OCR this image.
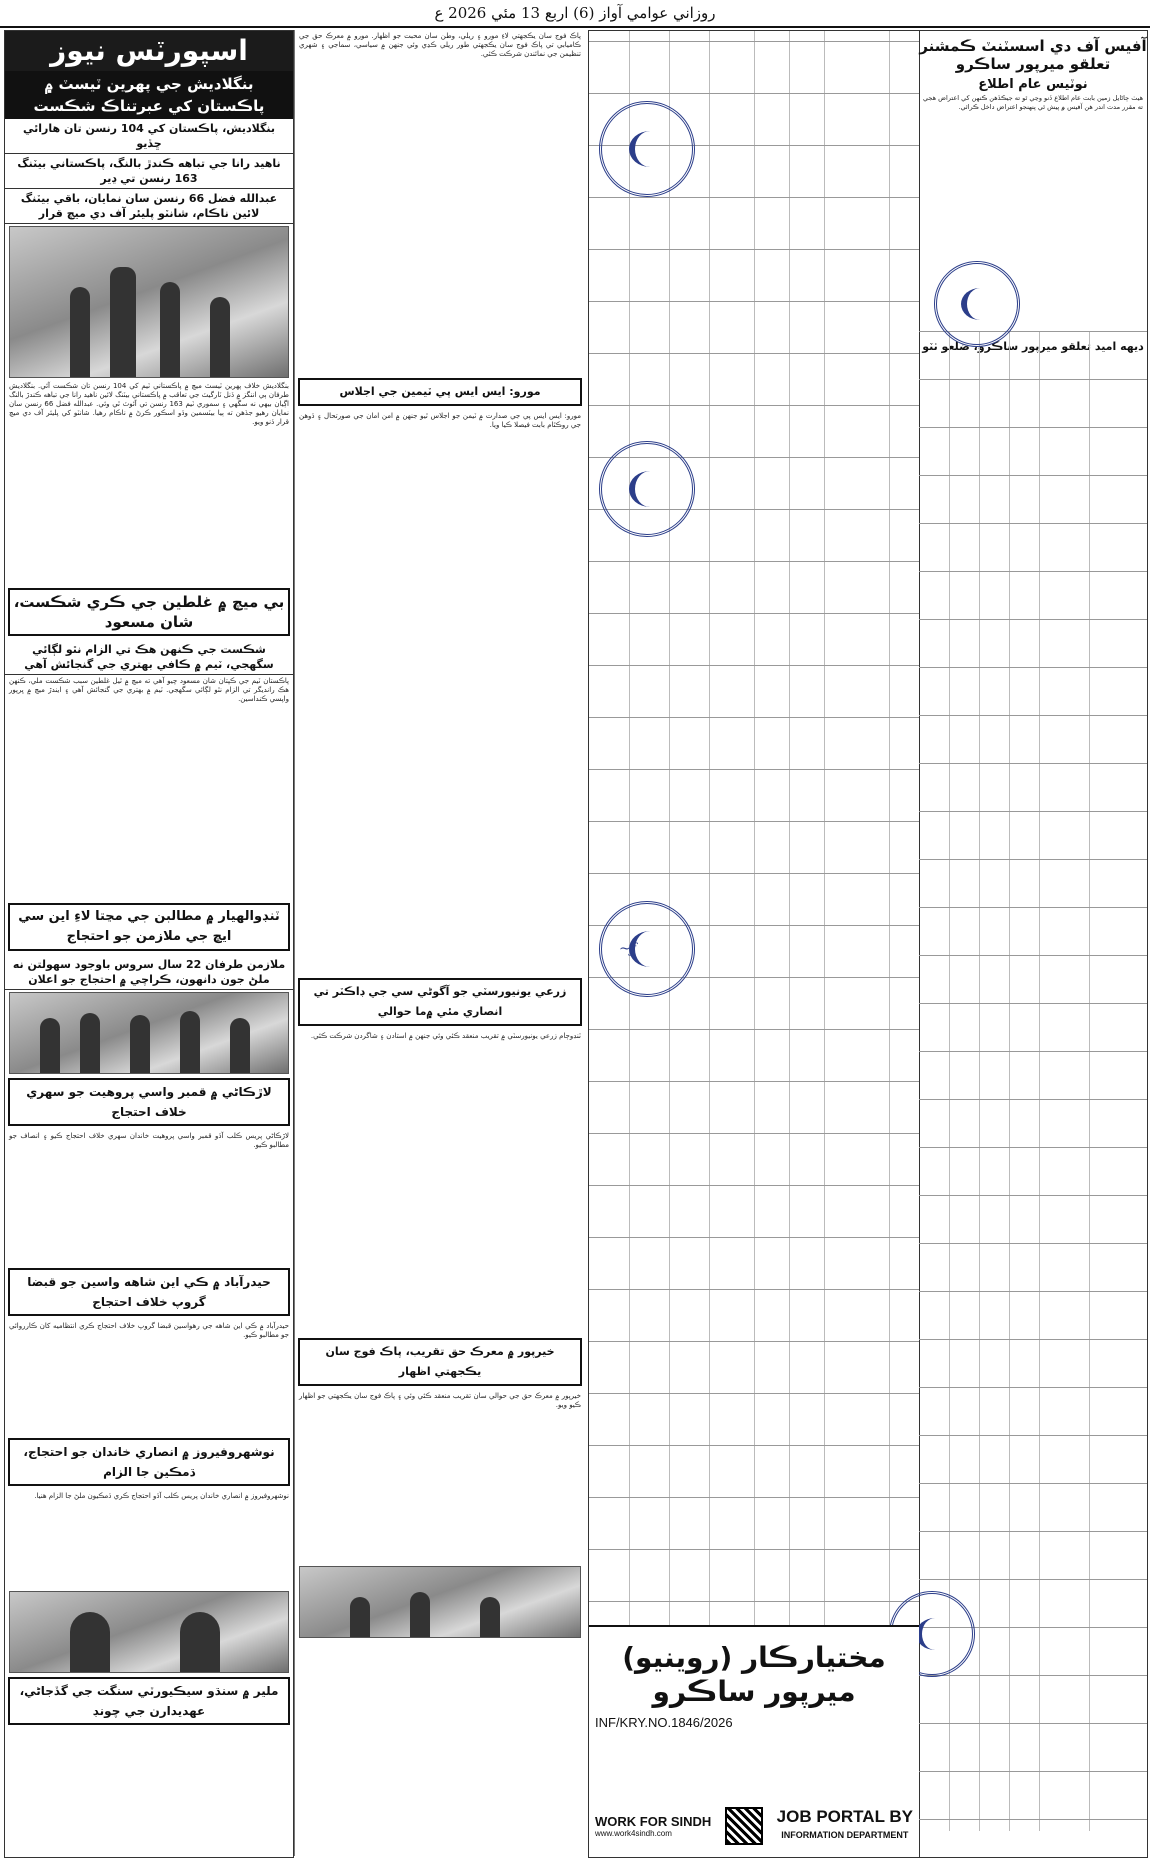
روزاني عوامي آواز (6) اربع 13 مئي 2026 ع
اسپورٽس نيوز
بنگلاديش جي پهرين ٽيسٽ ۾ پاڪستان کي عبرتناڪ شڪست
بنگلاديش، پاڪستان کي 104 رنسن تان هارائي ڇڏيو
ناهيد رانا جي تباهه ڪندڙ بالنگ، پاڪستاني بيٽنگ 163 رنسن تي ڍير
عبدالله فضل 66 رنسن سان نمايان، باقي بيٽنگ لائين ناڪام، شانٽو پليئر آف دي ميچ قرار
بنگلاديش خلاف پهرين ٽيسٽ ميچ ۾ پاڪستاني ٽيم کي 104 رنسن تان شڪست آئي. بنگلاديش طرفان ٻي اننگز ۾ ڏنل ٽارگيٽ جي تعاقب ۾ پاڪستاني بيٽنگ لائين ناهيد رانا جي تباهه ڪندڙ بالنگ اڳيان بيهي نه سگهي ۽ سموري ٽيم 163 رنسن تي آئوٽ ٿي وئي. عبدالله فضل 66 رنسن سان نمايان رهيو جڏهن ته ٻيا بيٽسمين وڏو اسڪور ڪرڻ ۾ ناڪام رهيا. شانٽو کي پليئر آف دي ميچ قرار ڏنو ويو.
بي ميچ ۾ غلطين جي ڪري شڪست، شان مسعود
شڪست جي ڪنهن هڪ تي الزام نٿو لڳائي سگهجي، ٽيم ۾ ڪافي بهتري جي گنجائش آهي
پاڪستان ٽيم جي ڪپتان شان مسعود چيو آهي ته ميچ ۾ ٿيل غلطين سبب شڪست ملي، ڪنهن هڪ رانديگر تي الزام نٿو لڳائي سگهجي. ٽيم ۾ بهتري جي گنجائش آهي ۽ ايندڙ ميچ ۾ ڀرپور واپسي ڪنداسين.
ٽنڊوالهيار ۾ مطالبن جي مڃتا لاءِ اين سي ايڇ جي ملازمن جو احتجاج
ملازمن طرفان 22 سال سروس باوجود سهولتن نه ملڻ جون دانهون، ڪراچي ۾ احتجاج جو اعلان
لاڙڪاڻي ۾ قمبر واسي پروهيت جو سهري خلاف احتجاج
لاڙڪاڻي پريس ڪلب آڏو قمبر واسي پروهيت خاندان سهري خلاف احتجاج ڪيو ۽ انصاف جو مطالبو ڪيو.
حيدرآباد ۾ ڪي اين شاهه واسين جو قبضا گروپ خلاف احتجاج
حيدرآباد ۾ ڪي اين شاهه جي رهواسين قبضا گروپ خلاف احتجاج ڪري انتظاميه کان ڪارروائي جو مطالبو ڪيو.
نوشهروفيروز ۾ انصاري خاندان جو احتجاج، ڌمڪين جا الزام
نوشهروفيروز ۾ انصاري خاندان پريس ڪلب آڏو احتجاج ڪري ڌمڪيون ملڻ جا الزام هنيا.
ملير ۾ سنڌو سيڪيورٽي سنگت جي گڏجاڻي، عهديدارن جي چونڊ
پاڪ فوج سان يڪجهتي لاءِ مورو ۽ ريلي، وطن سان محبت جو اظهار. مورو ۾ معرڪ حق جي ڪاميابي تي پاڪ فوج سان يڪجهتي طور ريلي ڪڍي وئي جنهن ۾ سياسي، سماجي ۽ شهري تنظيمن جي نمائندن شرڪت ڪئي.
مورو: ايس ايس پي ٽيمين جي اجلاس
مورو: ايس ايس پي جي صدارت ۾ ٽيمن جو اجلاس ٿيو جنهن ۾ امن امان جي صورتحال ۽ ڏوهن جي روڪٿام بابت فيصلا ڪيا ويا.
زرعي يونيورسٽي جو آگوڻي سي جي ڊاڪٽر تي انصاري مئي ۾ما حوالي
ٽنڊوڄام زرعي يونيورسٽي ۾ تقريب منعقد ڪئي وئي جنهن ۾ استادن ۽ شاگردن شرڪت ڪئي.
خيرپور ۾ معرڪ حق تقريب، پاڪ فوج سان يڪجهتي اظهار
خيرپور ۾ معرڪ حق جي حوالي سان تقريب منعقد ڪئي وئي ۽ پاڪ فوج سان يڪجهتي جو اظهار ڪيو ويو.
آفيس آف دي اسسٽنٽ ڪمشنر تعلقو ميرپور ساڪرو
نوٽيس عام اطلاع
هيٺ ڄاڻايل زمين بابت عام اطلاع ڏنو وڃي ٿو ته جيڪڏهن ڪنهن کي اعتراض هجي ته مقرر مدت اندر هن آفيس ۾ پيش ٿي پنهنجو اعتراض داخل ڪرائي.
ديهه اميد تعلقو ميرپور ساڪرو، ضلعو ٺٽو
~ƒ
مختيارڪار (روينيو) ميرپور ساڪرو
INF/KRY.NO.1846/2026
WORK FOR SINDH
www.work4sindh.com
JOB PORTAL BY
INFORMATION DEPARTMENT
